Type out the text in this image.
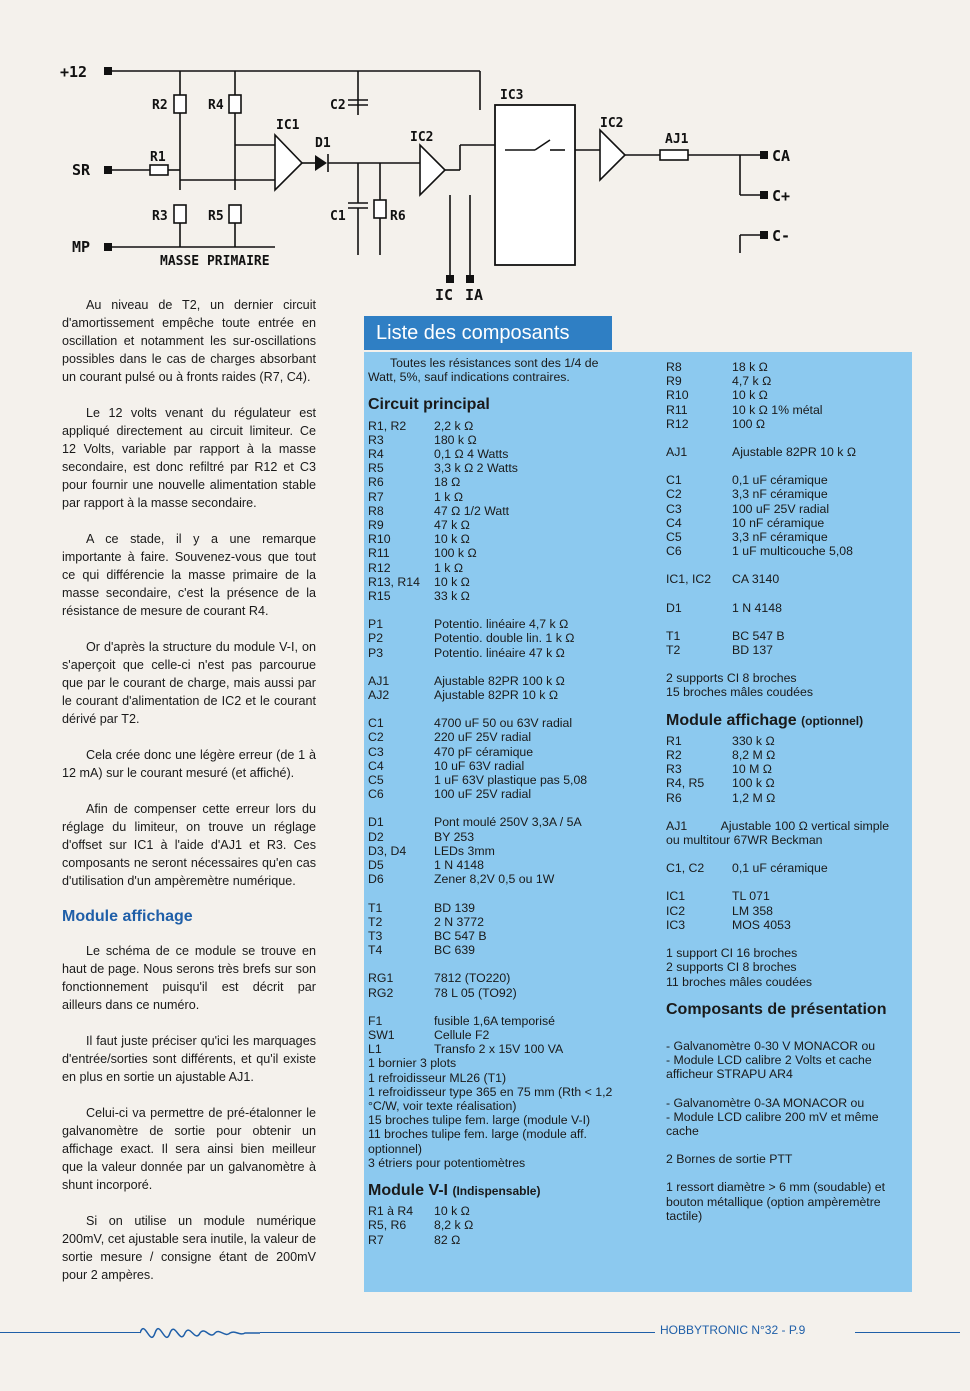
+12
SR
MP
CA
C+
C-
IC IA
R1
R2
R3
R4
R5	R6
C1
C2
D1
IC1
IC2
IC3
IC2
AJ1
MASSE PRIMAIRE

Au niveau de T2, un dernier circuit d'amortissement empêche toute entrée en oscillation et notamment les sur-oscillations possibles dans le cas de charges absorbant un courant pulsé ou à fronts raides (R7, C4).

Le 12 volts venant du régulateur est appliqué directement au circuit limiteur. Ce 12 Volts, variable par rapport à la masse secondaire, est donc refiltré par R12 et C3 pour fournir une nouvelle alimentation stable par rapport à la masse secondaire.

A ce stade, il y a une remarque importante à faire. Souvenez-vous que tout ce qui différencie la masse primaire de la masse secondaire, c'est la présence de la résistance de mesure de courant R4.

Or d'après la structure du module V-I, on s'aperçoit que celle-ci n'est pas parcourue que par le courant de charge, mais aussi par le courant d'alimentation de IC2 et le courant dérivé par T2.

Cela crée donc une légère erreur (de 1 à 12 mA) sur le courant mesuré (et affiché).

Afin de compenser cette erreur lors du réglage du limiteur, on trouve un réglage d'offset sur IC1 à l'aide d'AJ1 et R3. Ces composants ne seront nécessaires qu'en cas d'utilisation d'un ampèremètre numérique.

Module affichage

Le schéma de ce module se trouve en haut de page. Nous serons très brefs sur son fonctionnement puisqu'il est décrit par ailleurs dans ce numéro.

Il faut juste préciser qu'ici les marquages d'entrée/sorties sont différents, et qu'il existe en plus en sortie un ajustable AJ1.

Celui-ci va permettre de pré-étalonner le galvanomètre de sortie pour obtenir un affichage exact. Il sera ainsi bien meilleur que la valeur donnée par un galvanomètre à shunt incorporé.

Si on utilise un module numérique 200mV, cet ajustable sera inutile, la valeur de sortie mesure / consigne étant de 200mV pour 2 ampères.

Liste des composants
Toutes les résistances sont des 1/4 de Watt, 5%, sauf indications contraires.
Circuit principal
R1, R2	2,2 k Ω
R3	180 k Ω
R4	0,1 Ω 4 Watts
R5	3,3 k Ω 2 Watts
R6	18 Ω
R7	1 k Ω
R8	47 Ω 1/2 Watt
R9	47 k Ω
R10	10 k Ω
R11	100 k Ω
R12	1 k Ω
R13, R14	10 k Ω
R15	33 k Ω
P1	Potentio. linéaire 4,7 k Ω
P2	Potentio. double lin. 1 k Ω
P3	Potentio. linéaire 47 k Ω
AJ1	Ajustable 82PR 100 k Ω
AJ2	Ajustable 82PR 10 k Ω
C1	4700 uF 50 ou 63V radial
C2	220 uF 25V radial
C3	470 pF céramique
C4	10 uF 63V radial
C5	1 uF 63V plastique pas 5,08
C6	100 uF 25V radial
D1	Pont moulé 250V 3,3A / 5A
D2	BY 253
D3, D4	LEDs 3mm
D5	1 N 4148
D6	Zener 8,2V 0,5 ou 1W
T1	BD 139
T2	2 N 3772
T3	BC 547 B
T4	BC 639
RG1	7812 (TO220)
RG2	78 L 05 (TO92)
F1	fusible 1,6A temporisé
SW1	Cellule F2
L1	Transfo 2 x 15V 100 VA
1 bornier 3 plots
1 refroidisseur ML26 (T1)
1 refroidisseur type 365 en 75 mm (Rth < 1,2 °C/W, voir texte réalisation)
15 broches tulipe fem. large (module V-I)
11 broches tulipe fem. large (module aff. optionnel)
3 étriers pour potentiomètres
Module V-I (Indispensable)
R1 à R4	10 k Ω
R5, R6	8,2 k Ω
R7	82 Ω
R8	18 k Ω
R9	4,7 k Ω
R10	10 k Ω
R11	10 k Ω 1% métal
R12	100 Ω
AJ1	Ajustable 82PR 10 k Ω
C1	0,1 uF céramique
C2	3,3 nF céramique
C3	100 uF 25V radial
C4	10 nF céramique
C5	3,3 nF céramique
C6	1 uF multicouche 5,08
IC1, IC2	CA 3140
D1	1 N 4148
T1	BC 547 B
T2	BD 137
2 supports CI 8 broches
15 broches mâles coudées
Module affichage (optionnel)
R1	330 k Ω
R2	8,2 M Ω
R3	10 M Ω
R4, R5	100 k Ω
R6	1,2 M Ω
AJ1          Ajustable 100 Ω vertical simple ou multitour 67WR Beckman
C1, C2	0,1 uF céramique
IC1	TL 071
IC2	LM 358
IC3	MOS 4053
1 support CI 16 broches
2 supports CI 8 broches
11 broches mâles coudées
Composants de présentation
- Galvanomètre 0-30 V MONACOR ou
- Module LCD calibre 2 Volts et cache afficheur STRAPU AR4
- Galvanomètre 0-3A MONACOR ou
- Module LCD calibre 200 mV et même cache
2 Bornes de sortie PTT
1 ressort diamètre > 6 mm (soudable) et bouton métallique (option ampèremètre tactile)
HOBBYTRONIC N°32 - P.9
